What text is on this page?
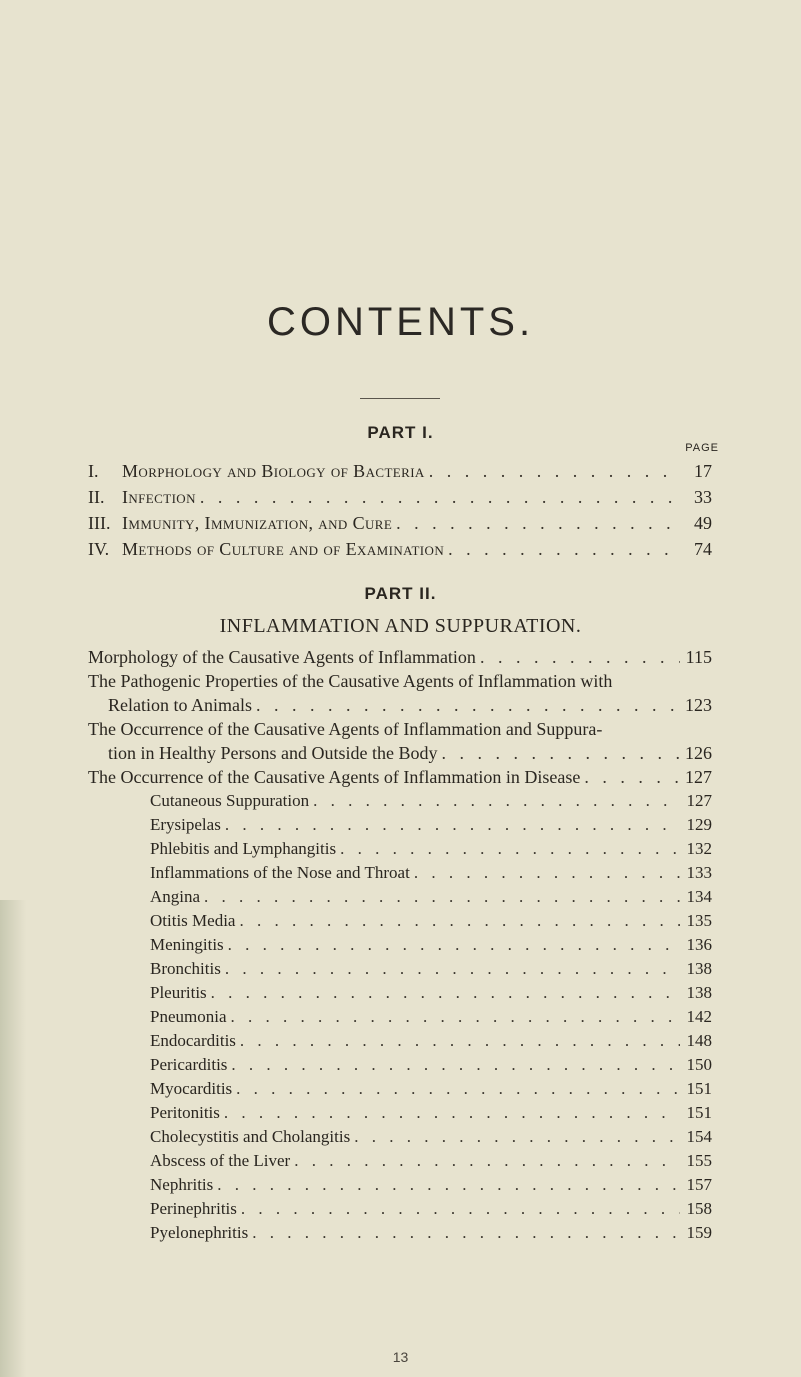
CONTENTS.
PART I.
PAGE
I.	Morphology and Biology of Bacteria . . .	17
II. Infection . . .	33
III. Immunity, Immunization, and Cure . . .	49
IV. Methods of Culture and of Examination . . .	74
PART II.
INFLAMMATION AND SUPPURATION.
Morphology of the Causative Agents of Inflammation . . .	115
The Pathogenic Properties of the Causative Agents of Inflammation with
Relation to Animals . . .	123
The Occurrence of the Causative Agents of Inflammation and Suppura-
tion in Healthy Persons and Outside the Body . . .	126
The Occurrence of the Causative Agents of Inflammation in Disease . . .	127
Cutaneous Suppuration . . .	127
Erysipelas . . .	129
Phlebitis and Lymphangitis . . .	132
Inflammations of the Nose and Throat . . .	133
Angina . . .	134
Otitis Media . . .	135
Meningitis . . .	136
Bronchitis . . .	138
Pleuritis . . .	138
Pneumonia . . .	142
Endocarditis . . .	148
Pericarditis . . .	150
Myocarditis . . .	151
Peritonitis . . .	151
Cholecystitis and Cholangitis . . .	154
Abscess of the Liver . . .	155
Nephritis . . .	157
Perinephritis . . .	158
Pyelonephritis . . .	159
13
